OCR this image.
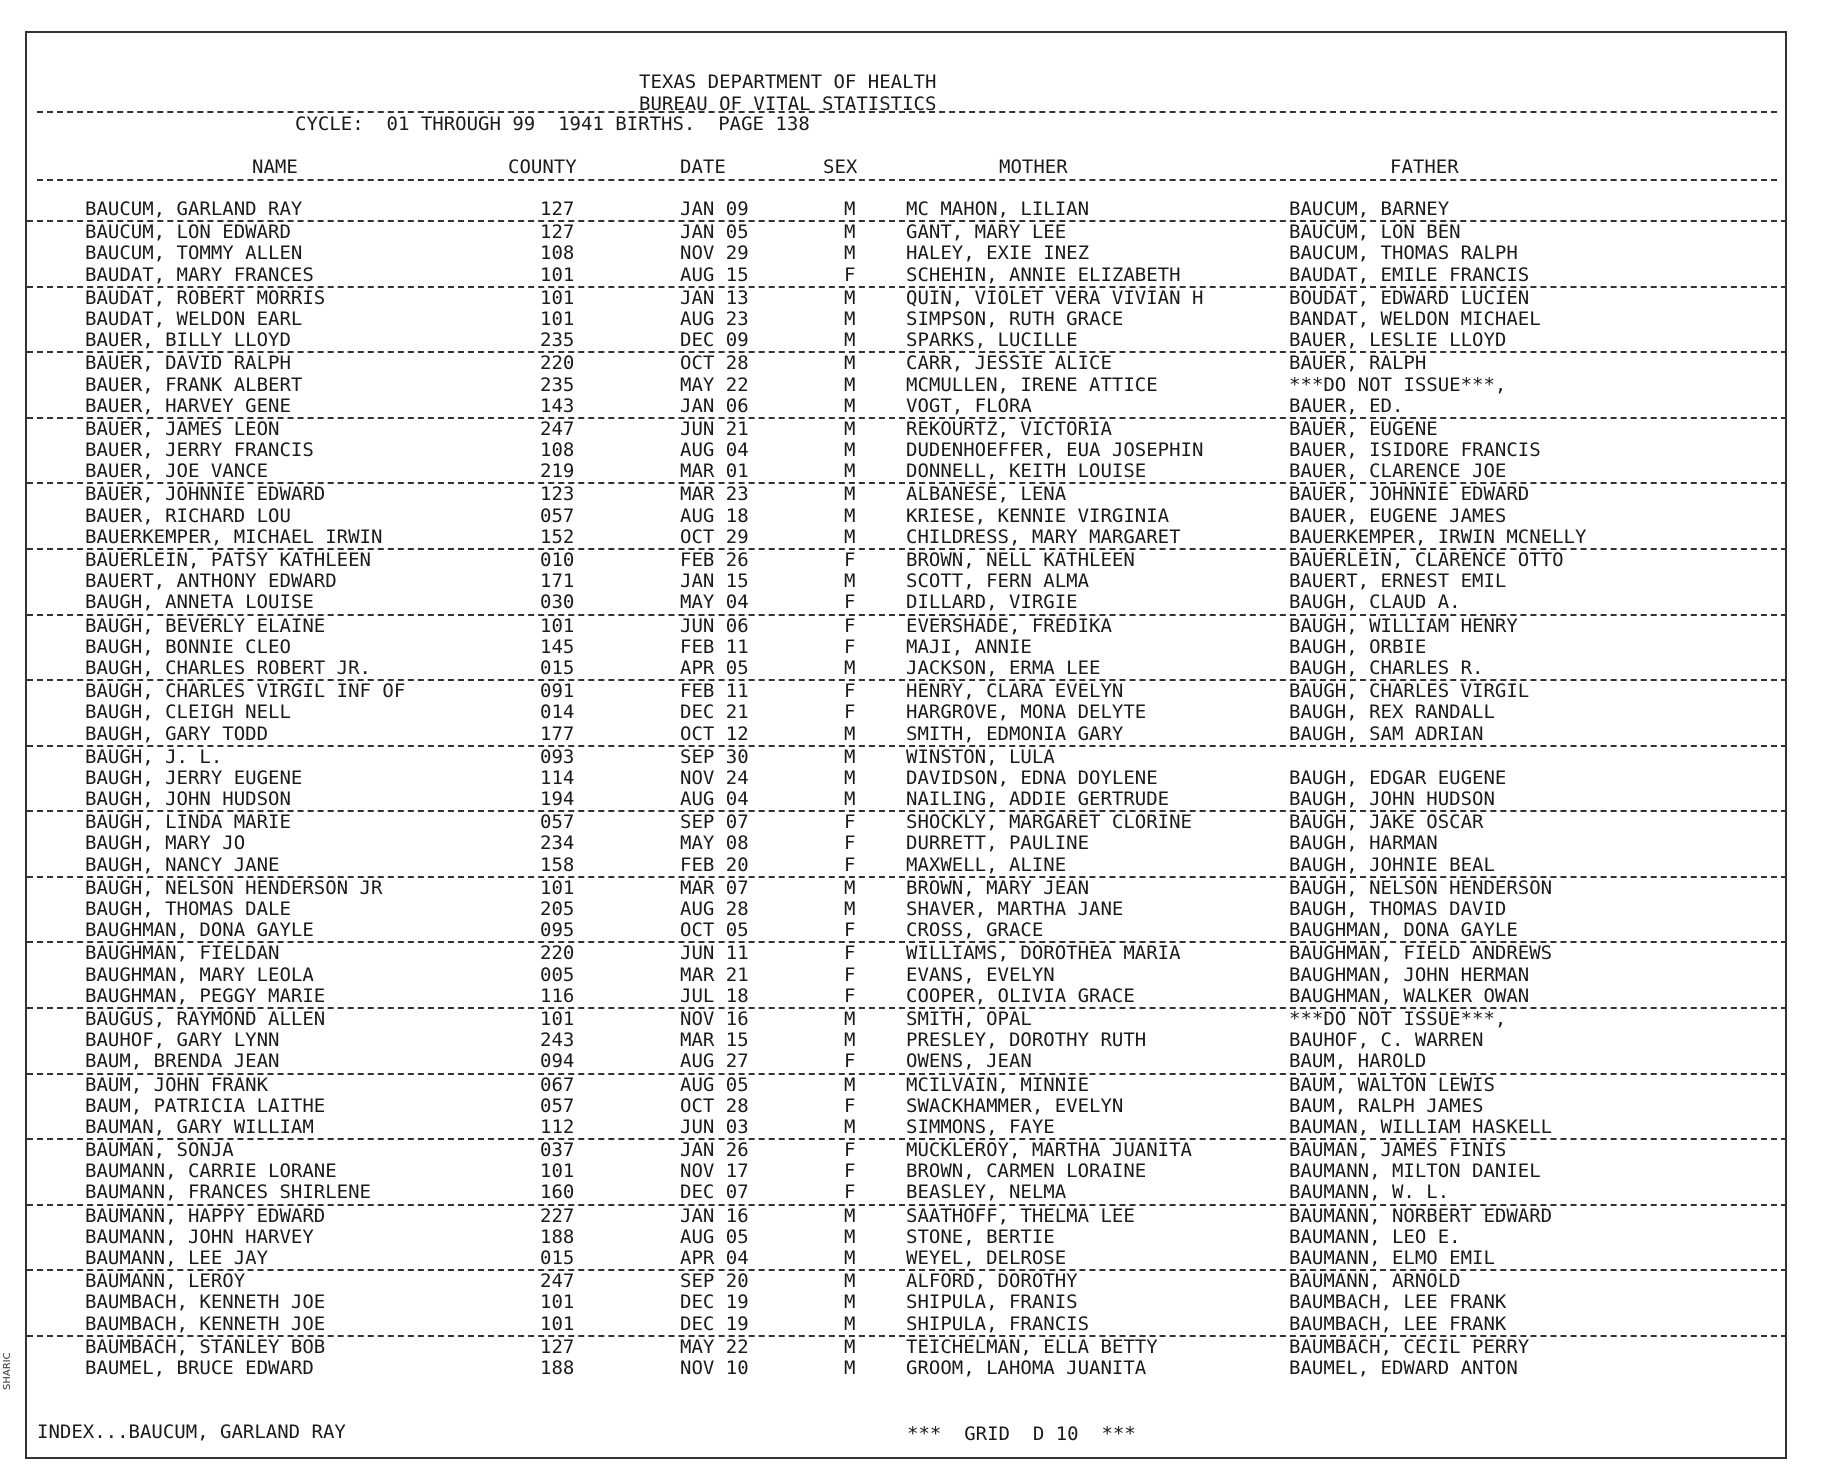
TEXAS DEPARTMENT OF HEALTH
BUREAU OF VITAL STATISTICS
CYCLE:  01 THROUGH 99  1941 BIRTHS.  PAGE 138
NAME	COUNTY	DATE	SEX	MOTHER	FATHER
BAUCUM, GARLAND RAY	127	JAN 09	M	MC MAHON, LILIAN	BAUCUM, BARNEY
BAUCUM, LON EDWARD	127	JAN 05	M	GANT, MARY LEE	BAUCUM, LON BEN
BAUCUM, TOMMY ALLEN	108	NOV 29	M	HALEY, EXIE INEZ	BAUCUM, THOMAS RALPH
BAUDAT, MARY FRANCES	101	AUG 15	F	SCHEHIN, ANNIE ELIZABETH	BAUDAT, EMILE FRANCIS
BAUDAT, ROBERT MORRIS	101	JAN 13	M	QUIN, VIOLET VERA VIVIAN H	BOUDAT, EDWARD LUCIEN
BAUDAT, WELDON EARL	101	AUG 23	M	SIMPSON, RUTH GRACE	BANDAT, WELDON MICHAEL
BAUER, BILLY LLOYD	235	DEC 09	M	SPARKS, LUCILLE	BAUER, LESLIE LLOYD
BAUER, DAVID RALPH	220	OCT 28	M	CARR, JESSIE ALICE	BAUER, RALPH
BAUER, FRANK ALBERT	235	MAY 22	M	MCMULLEN, IRENE ATTICE	***DO NOT ISSUE***,
BAUER, HARVEY GENE	143	JAN 06	M	VOGT, FLORA	BAUER, ED.
BAUER, JAMES LEON	247	JUN 21	M	REKOURTZ, VICTORIA	BAUER, EUGENE
BAUER, JERRY FRANCIS	108	AUG 04	M	DUDENHOEFFER, EUA JOSEPHIN	BAUER, ISIDORE FRANCIS
BAUER, JOE VANCE	219	MAR 01	M	DONNELL, KEITH LOUISE	BAUER, CLARENCE JOE
BAUER, JOHNNIE EDWARD	123	MAR 23	M	ALBANESE, LENA	BAUER, JOHNNIE EDWARD
BAUER, RICHARD LOU	057	AUG 18	M	KRIESE, KENNIE VIRGINIA	BAUER, EUGENE JAMES
BAUERKEMPER, MICHAEL IRWIN	152	OCT 29	M	CHILDRESS, MARY MARGARET	BAUERKEMPER, IRWIN MCNELLY
BAUERLEIN, PATSY KATHLEEN	010	FEB 26	F	BROWN, NELL KATHLEEN	BAUERLEIN, CLARENCE OTTO
BAUERT, ANTHONY EDWARD	171	JAN 15	M	SCOTT, FERN ALMA	BAUERT, ERNEST EMIL
BAUGH, ANNETA LOUISE	030	MAY 04	F	DILLARD, VIRGIE	BAUGH, CLAUD A.
BAUGH, BEVERLY ELAINE	101	JUN 06	F	EVERSHADE, FREDIKA	BAUGH, WILLIAM HENRY
BAUGH, BONNIE CLEO	145	FEB 11	F	MAJI, ANNIE	BAUGH, ORBIE
BAUGH, CHARLES ROBERT JR.	015	APR 05	M	JACKSON, ERMA LEE	BAUGH, CHARLES R.
BAUGH, CHARLES VIRGIL INF OF	091	FEB 11	F	HENRY, CLARA EVELYN	BAUGH, CHARLES VIRGIL
BAUGH, CLEIGH NELL	014	DEC 21	F	HARGROVE, MONA DELYTE	BAUGH, REX RANDALL
BAUGH, GARY TODD	177	OCT 12	M	SMITH, EDMONIA GARY	BAUGH, SAM ADRIAN
BAUGH, J. L.	093	SEP 30	M	WINSTON, LULA
BAUGH, JERRY EUGENE	114	NOV 24	M	DAVIDSON, EDNA DOYLENE	BAUGH, EDGAR EUGENE
BAUGH, JOHN HUDSON	194	AUG 04	M	NAILING, ADDIE GERTRUDE	BAUGH, JOHN HUDSON
BAUGH, LINDA MARIE	057	SEP 07	F	SHOCKLY, MARGARET CLORINE	BAUGH, JAKE OSCAR
BAUGH, MARY JO	234	MAY 08	F	DURRETT, PAULINE	BAUGH, HARMAN
BAUGH, NANCY JANE	158	FEB 20	F	MAXWELL, ALINE	BAUGH, JOHNIE BEAL
BAUGH, NELSON HENDERSON JR	101	MAR 07	M	BROWN, MARY JEAN	BAUGH, NELSON HENDERSON
BAUGH, THOMAS DALE	205	AUG 28	M	SHAVER, MARTHA JANE	BAUGH, THOMAS DAVID
BAUGHMAN, DONA GAYLE	095	OCT 05	F	CROSS, GRACE	BAUGHMAN, DONA GAYLE
BAUGHMAN, FIELDAN	220	JUN 11	F	WILLIAMS, DOROTHEA MARIA	BAUGHMAN, FIELD ANDREWS
BAUGHMAN, MARY LEOLA	005	MAR 21	F	EVANS, EVELYN	BAUGHMAN, JOHN HERMAN
BAUGHMAN, PEGGY MARIE	116	JUL 18	F	COOPER, OLIVIA GRACE	BAUGHMAN, WALKER OWAN
BAUGUS, RAYMOND ALLEN	101	NOV 16	M	SMITH, OPAL	***DO NOT ISSUE***,
BAUHOF, GARY LYNN	243	MAR 15	M	PRESLEY, DOROTHY RUTH	BAUHOF, C. WARREN
BAUM, BRENDA JEAN	094	AUG 27	F	OWENS, JEAN	BAUM, HAROLD
BAUM, JOHN FRANK	067	AUG 05	M	MCILVAIN, MINNIE	BAUM, WALTON LEWIS
BAUM, PATRICIA LAITHE	057	OCT 28	F	SWACKHAMMER, EVELYN	BAUM, RALPH JAMES
BAUMAN, GARY WILLIAM	112	JUN 03	M	SIMMONS, FAYE	BAUMAN, WILLIAM HASKELL
BAUMAN, SONJA	037	JAN 26	F	MUCKLEROY, MARTHA JUANITA	BAUMAN, JAMES FINIS
BAUMANN, CARRIE LORANE	101	NOV 17	F	BROWN, CARMEN LORAINE	BAUMANN, MILTON DANIEL
BAUMANN, FRANCES SHIRLENE	160	DEC 07	F	BEASLEY, NELMA	BAUMANN, W. L.
BAUMANN, HAPPY EDWARD	227	JAN 16	M	SAATHOFF, THELMA LEE	BAUMANN, NORBERT EDWARD
BAUMANN, JOHN HARVEY	188	AUG 05	M	STONE, BERTIE	BAUMANN, LEO E.
BAUMANN, LEE JAY	015	APR 04	M	WEYEL, DELROSE	BAUMANN, ELMO EMIL
BAUMANN, LEROY	247	SEP 20	M	ALFORD, DOROTHY	BAUMANN, ARNOLD
BAUMBACH, KENNETH JOE	101	DEC 19	M	SHIPULA, FRANIS	BAUMBACH, LEE FRANK
BAUMBACH, KENNETH JOE	101	DEC 19	M	SHIPULA, FRANCIS	BAUMBACH, LEE FRANK
BAUMBACH, STANLEY BOB	127	MAY 22	M	TEICHELMAN, ELLA BETTY	BAUMBACH, CECIL PERRY
BAUMEL, BRUCE EDWARD	188	NOV 10	M	GROOM, LAHOMA JUANITA	BAUMEL, EDWARD ANTON
INDEX...BAUCUM, GARLAND RAY	***  GRID  D 10  ***
SHARIC
